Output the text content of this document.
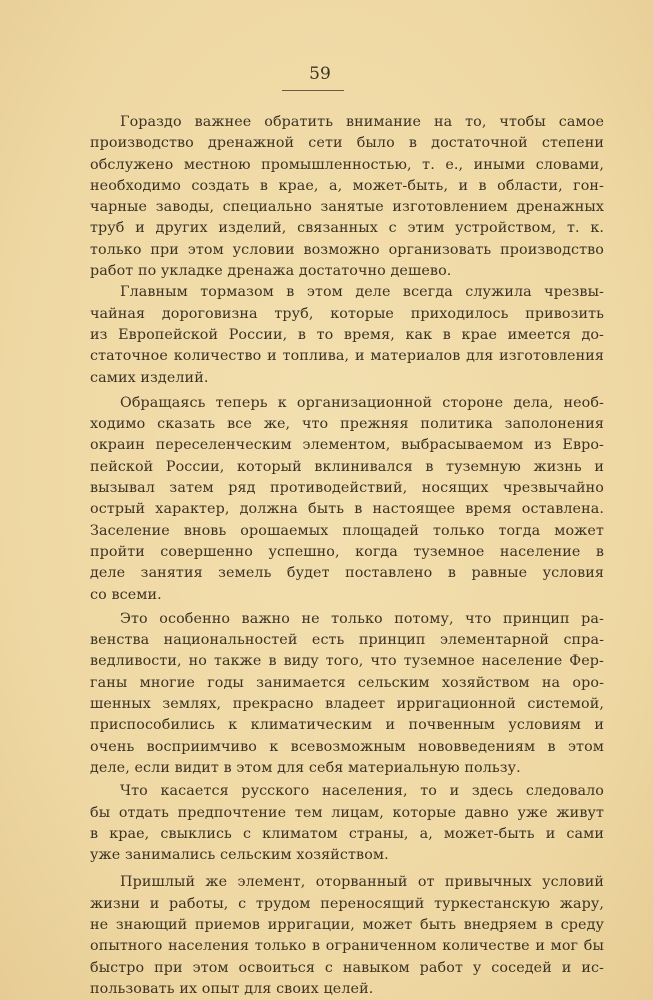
59
Гораздо важнее обратить внимание на то, чтобы самое
производство дренажной сети было в достаточной степени
обслужено местною промышленностью, т. е., иными словами,
необходимо создать в крае, а, может-быть, и в области, гон-
чарные заводы, специально занятые изготовлением дренажных
труб и других изделий, связанных с этим устройством, т. к.
только при этом условии возможно организовать производство
работ по укладке дренажа достаточно дешево.
Главным тормазом в этом деле всегда служила чрезвы-
чайная дороговизна труб, которые приходилось привозить
из Европейской России, в то время, как в крае имеется до-
статочное количество и топлива, и материалов для изготовления
самих изделий.
Обращаясь теперь к организационной стороне дела, необ-
ходимо сказать все же, что прежняя политика заполонения
окраин переселенческим элементом, выбрасываемом из Евро-
пейской России, который вклинивался в туземную жизнь и
вызывал затем ряд противодействий, носящих чрезвычайно
острый характер, должна быть в настоящее время оставлена.
Заселение вновь орошаемых площадей только тогда может
пройти совершенно успешно, когда туземное население в
деле занятия земель будет поставлено в равные условия
со всеми.
Это особенно важно не только потому, что принцип ра-
венства национальностей есть принцип элементарной спра-
ведливости, но также в виду того, что туземное население Фер-
ганы многие годы занимается сельским хозяйством на оро-
шенных землях, прекрасно владеет ирригационной системой,
приспособились к климатическим и почвенным условиям и
очень восприимчиво к всевозможным нововведениям в этом
деле, если видит в этом для себя материальную пользу.
Что касается русского населения, то и здесь следовало
бы отдать предпочтение тем лицам, которые давно уже живут
в крае, свыклись с климатом страны, а, может-быть и сами
уже занимались сельским хозяйством.
Пришлый же элемент, оторванный от привычных условий
жизни и работы, с трудом переносящий туркестанскую жару,
не знающий приемов ирригации, может быть внедряем в среду
опытного населения только в ограниченном количестве и мог бы
быстро при этом освоиться с навыком работ у соседей и ис-
пользовать их опыт для своих целей.
